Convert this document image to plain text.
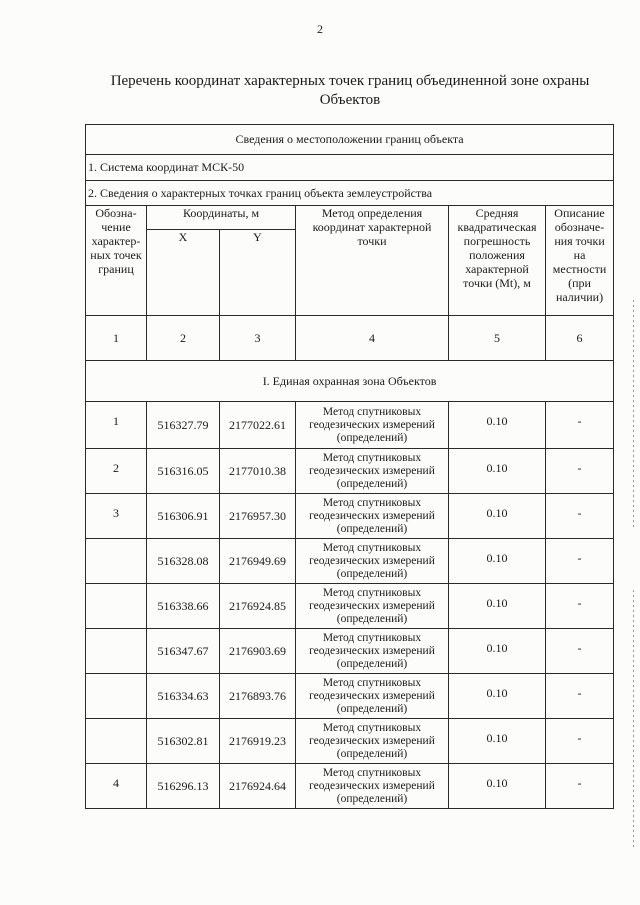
2
Перечень координат характерных точек границ объединенной зоне охраны
Объектов
Сведения о местоположении границ объекта					
1. Система координат МСК-50					
2. Сведения о характерных точках границ объекта землеустройства					
Обозна-чение характер-ных точек границ	Координаты, м		Метод определения координат характерной точки	Средняя квадратическая погрешность положения характерной точки (Mt), м	Описание обозначе-ния точки на местности (при наличии)
	X	Y			
1	2	3	4	5	6
I. Единая охранная зона Объектов					
1	516327.79	2177022.61	Метод спутниковых геодезических измерений (определений)	0.10	-
2	516316.05	2177010.38	Метод спутниковых геодезических измерений (определений)	0.10	-
3	516306.91	2176957.30	Метод спутниковых геодезических измерений (определений)	0.10	-
	516328.08	2176949.69	Метод спутниковых геодезических измерений (определений)	0.10	-
	516338.66	2176924.85	Метод спутниковых геодезических измерений (определений)	0.10	-
	516347.67	2176903.69	Метод спутниковых геодезических измерений (определений)	0.10	-
	516334.63	2176893.76	Метод спутниковых геодезических измерений (определений)	0.10	-
	516302.81	2176919.23	Метод спутниковых геодезических измерений (определений)	0.10	-
4	516296.13	2176924.64	Метод спутниковых геодезических измерений (определений)	0.10	-
